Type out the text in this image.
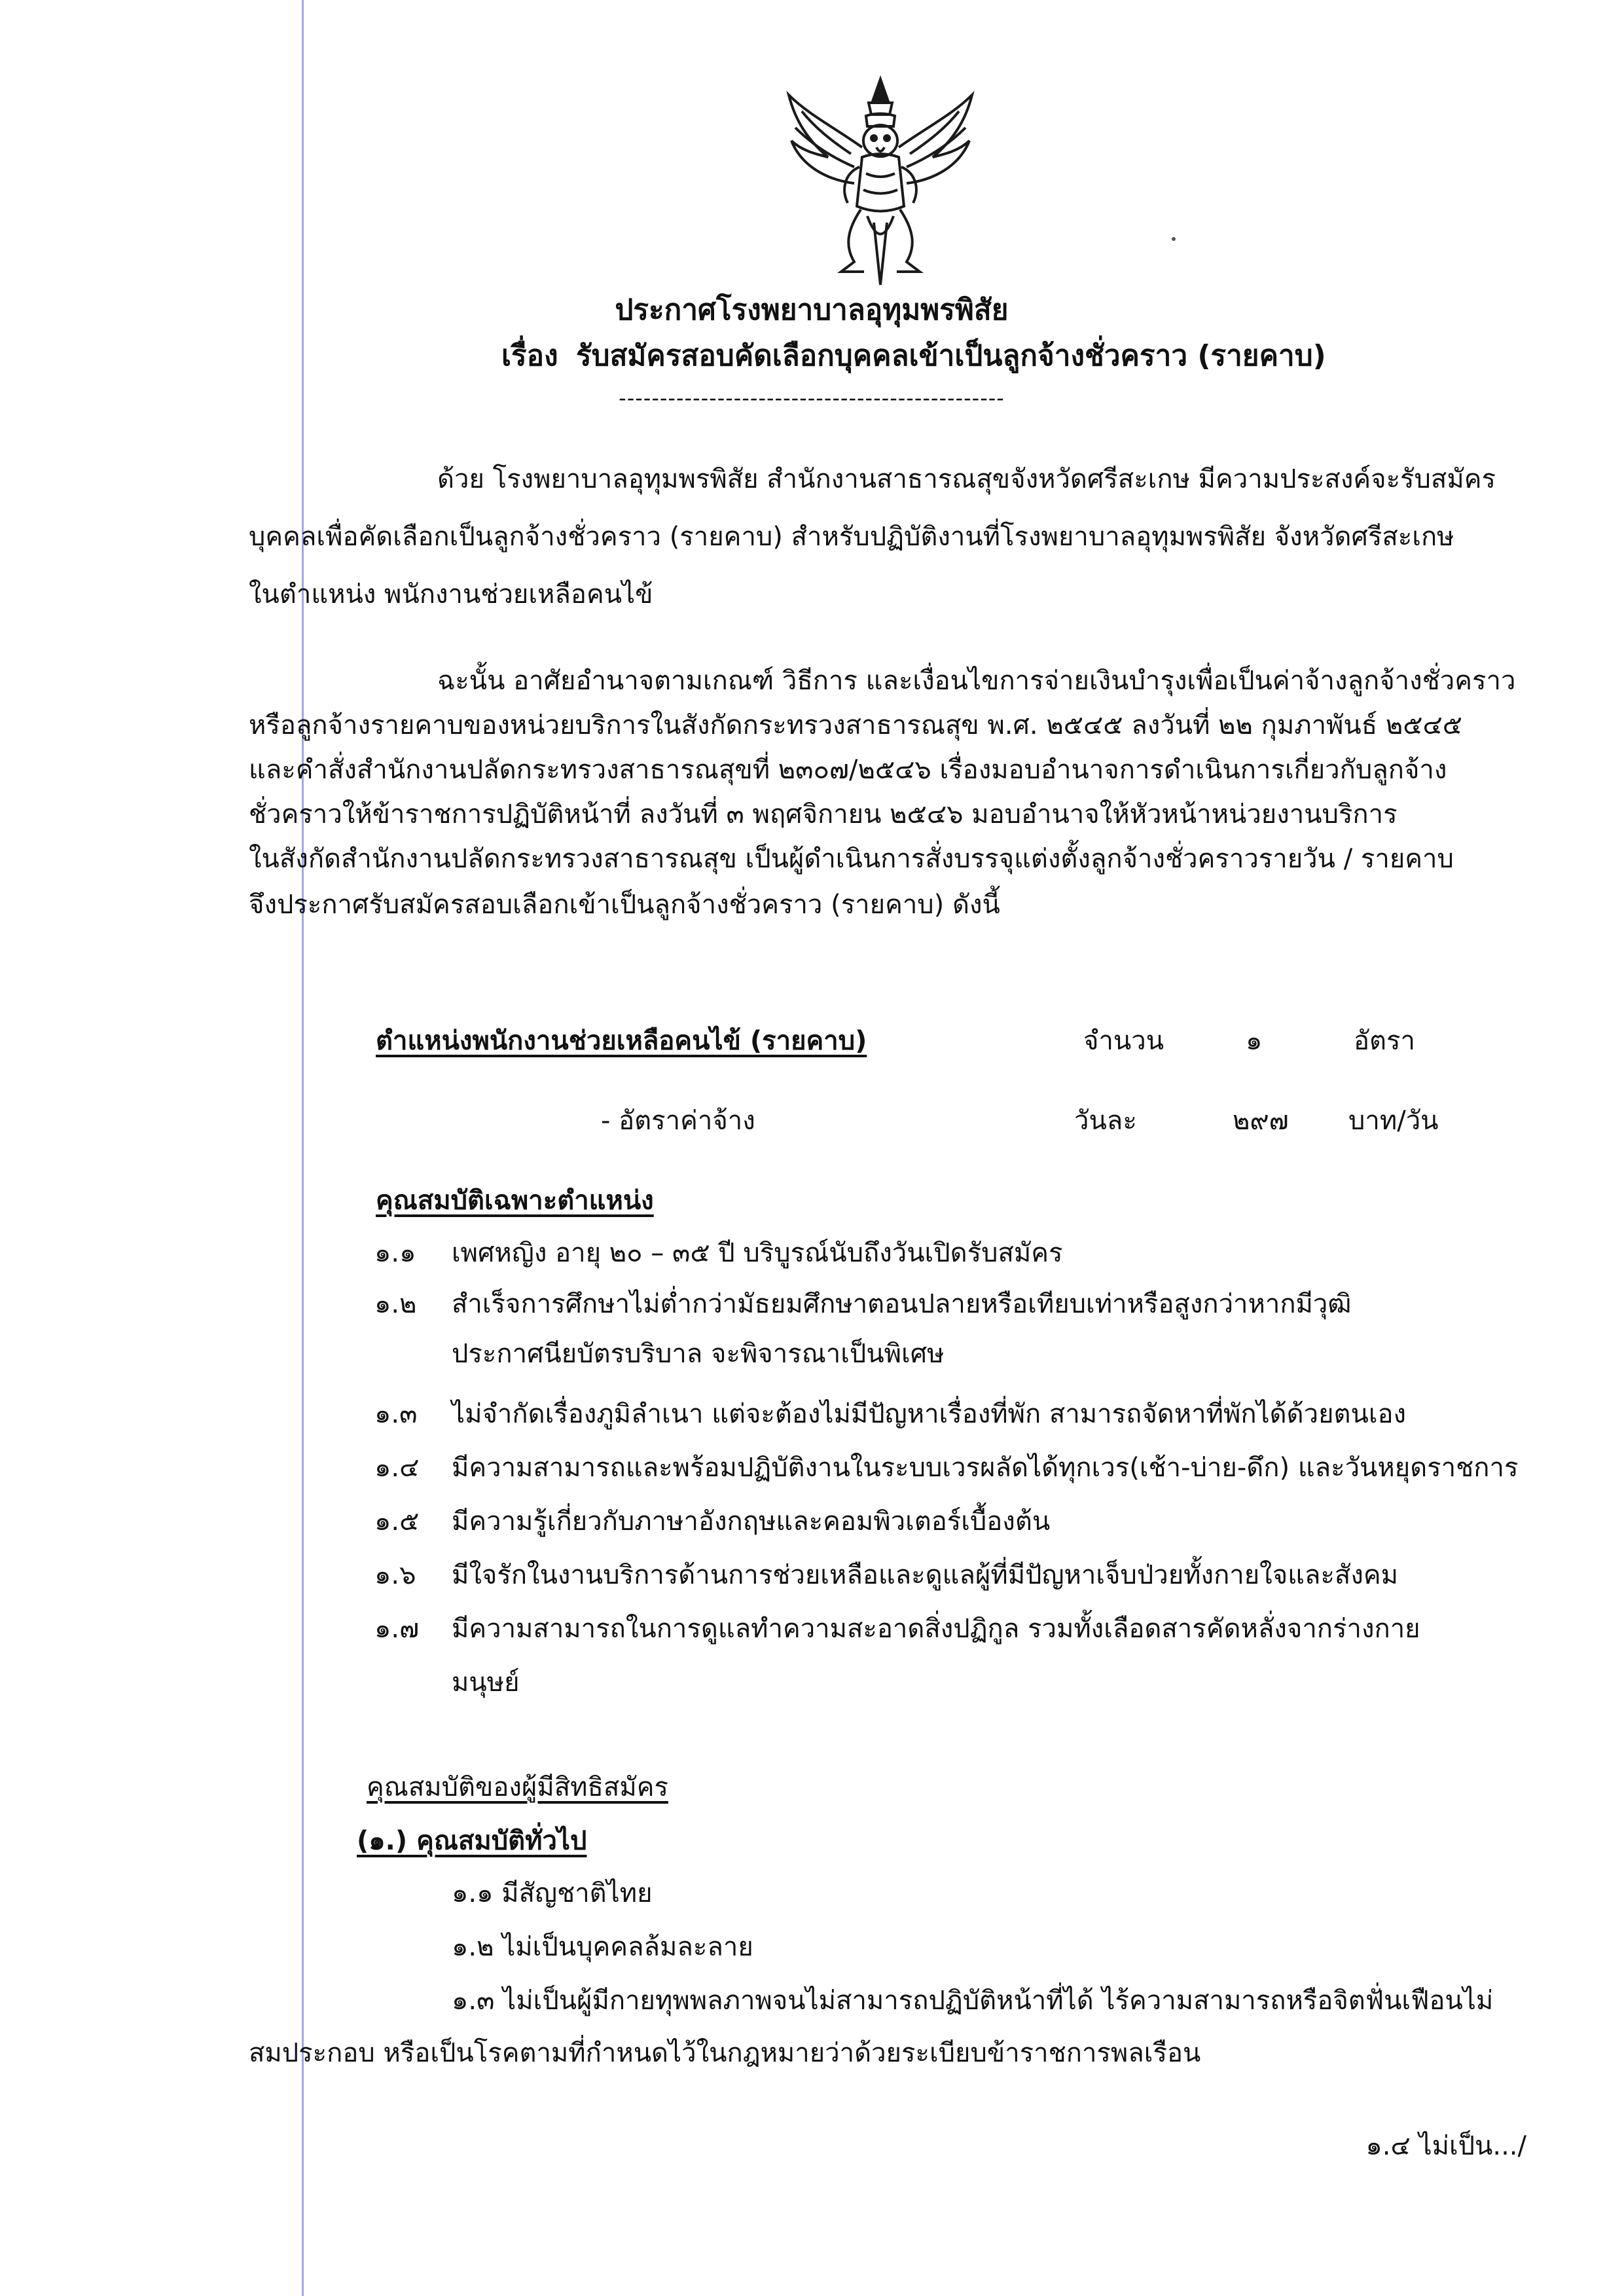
ประกาศโรงพยาบาลอุทุมพรพิสัย
เรื่อง รับสมัครสอบคัดเลือกบุคคลเข้าเป็นลูกจ้างชั่วคราว (รายคาบ)
-----------------------------------------------
ด้วย โรงพยาบาลอุทุมพรพิสัย สำนักงานสาธารณสุขจังหวัดศรีสะเกษ มีความประสงค์จะรับสมัคร
บุคคลเพื่อคัดเลือกเป็นลูกจ้างชั่วคราว (รายคาบ) สำหรับปฏิบัติงานที่โรงพยาบาลอุทุมพรพิสัย จังหวัดศรีสะเกษ
ในตำแหน่ง พนักงานช่วยเหลือคนไข้
ฉะนั้น อาศัยอำนาจตามเกณฑ์ วิธีการ และเงื่อนไขการจ่ายเงินบำรุงเพื่อเป็นค่าจ้างลูกจ้างชั่วคราว
หรือลูกจ้างรายคาบของหน่วยบริการในสังกัดกระทรวงสาธารณสุข พ.ศ. ๒๕๔๕ ลงวันที่ ๒๒ กุมภาพันธ์ ๒๕๔๕
และคำสั่งสำนักงานปลัดกระทรวงสาธารณสุขที่ ๒๓๐๗/๒๕๔๖ เรื่องมอบอำนาจการดำเนินการเกี่ยวกับลูกจ้าง
ชั่วคราวให้ข้าราชการปฏิบัติหน้าที่ ลงวันที่ ๓ พฤศจิกายน ๒๕๔๖ มอบอำนาจให้หัวหน้าหน่วยงานบริการ
ในสังกัดสำนักงานปลัดกระทรวงสาธารณสุข เป็นผู้ดำเนินการสั่งบรรจุแต่งตั้งลูกจ้างชั่วคราวรายวัน / รายคาบ
จึงประกาศรับสมัครสอบเลือกเข้าเป็นลูกจ้างชั่วคราว (รายคาบ) ดังนี้
ตำแหน่งพนักงานช่วยเหลือคนไข้ (รายคาบ)	จำนวน	๑	อัตรา
- อัตราค่าจ้าง	วันละ	๒๙๗ บาท/วัน
คุณสมบัติเฉพาะตำแหน่ง
๑.๑ เพศหญิง อายุ ๒๐ – ๓๕ ปี บริบูรณ์นับถึงวันเปิดรับสมัคร
๑.๒ สำเร็จการศึกษาไม่ต่ำกว่ามัธยมศึกษาตอนปลายหรือเทียบเท่าหรือสูงกว่าหากมีวุฒิ
ประกาศนียบัตรบริบาล จะพิจารณาเป็นพิเศษ
๑.๓ ไม่จำกัดเรื่องภูมิลำเนา แต่จะต้องไม่มีปัญหาเรื่องที่พัก สามารถจัดหาที่พักได้ด้วยตนเอง
๑.๔ มีความสามารถและพร้อมปฏิบัติงานในระบบเวรผลัดได้ทุกเวร(เช้า-บ่าย-ดึก) และวันหยุดราชการ
๑.๕ มีความรู้เกี่ยวกับภาษาอังกฤษและคอมพิวเตอร์เบื้องต้น
๑.๖ มีใจรักในงานบริการด้านการช่วยเหลือและดูแลผู้ที่มีปัญหาเจ็บป่วยทั้งกายใจและสังคม
๑.๗ มีความสามารถในการดูแลทำความสะอาดสิ่งปฏิกูล รวมทั้งเลือดสารคัดหลั่งจากร่างกาย
มนุษย์
คุณสมบัติของผู้มีสิทธิสมัคร
(๑.) คุณสมบัติทั่วไป
๑.๑ มีสัญชาติไทย
๑.๒ ไม่เป็นบุคคลล้มละลาย
๑.๓ ไม่เป็นผู้มีกายทุพพลภาพจนไม่สามารถปฏิบัติหน้าที่ได้ ไร้ความสามารถหรือจิตฟั่นเฟือนไม่
สมประกอบ หรือเป็นโรคตามที่กำหนดไว้ในกฎหมายว่าด้วยระเบียบข้าราชการพลเรือน
๑.๔ ไม่เป็น.../
